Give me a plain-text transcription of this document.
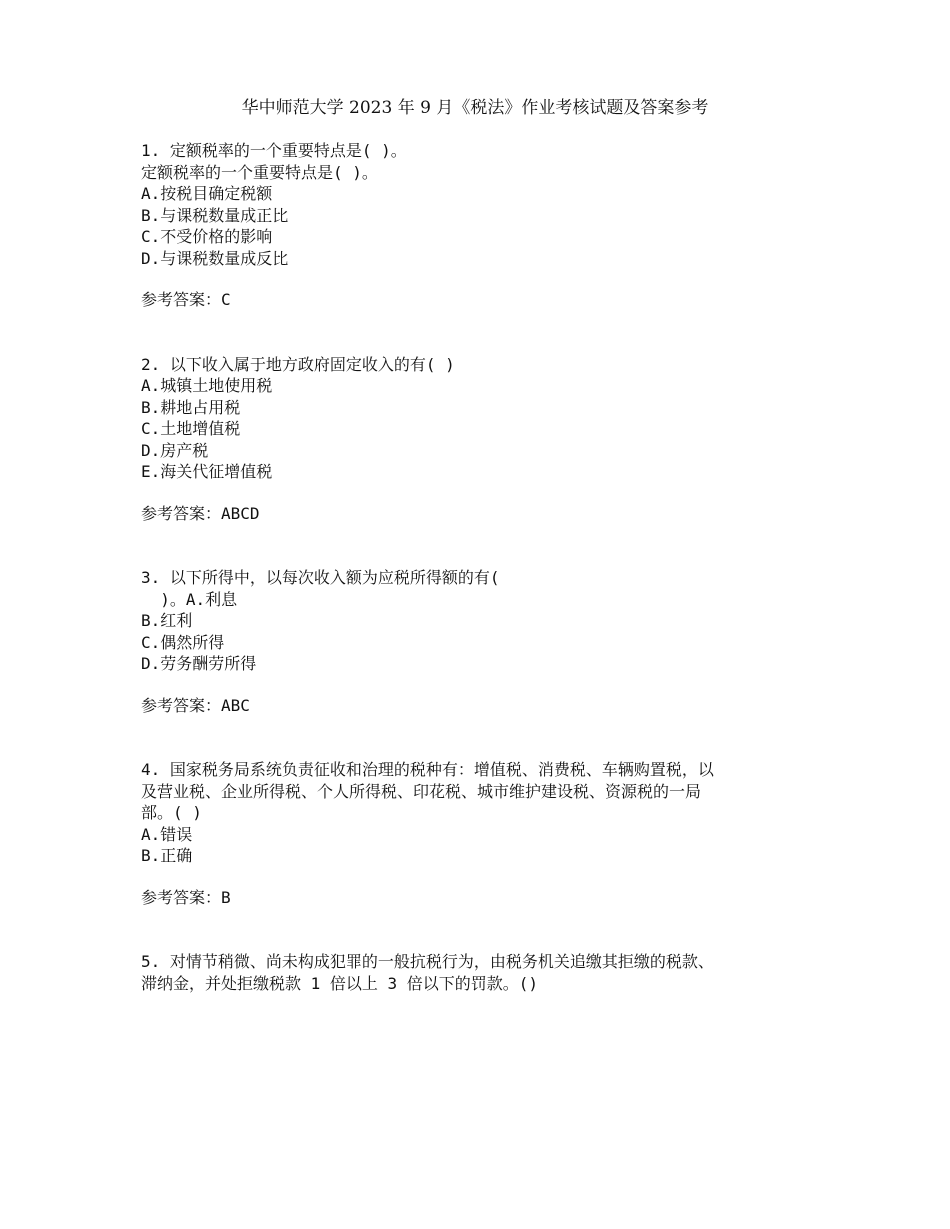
华中师范大学 2023 年 9 月《税法》作业考核试题及答案参考
1. 定额税率的一个重要特点是( )。
定额税率的一个重要特点是( )。
A.按税目确定税额
B.与课税数量成正比
C.不受价格的影响
D.与课税数量成反比
参考答案：C
2. 以下收入属于地方政府固定收入的有( )
A.城镇土地使用税
B.耕地占用税
C.土地增值税
D.房产税
E.海关代征增值税
参考答案：ABCD
3. 以下所得中，以每次收入额为应税所得额的有(
)。A.利息
B.红利
C.偶然所得
D.劳务酬劳所得
参考答案：ABC
4. 国家税务局系统负责征收和治理的税种有：增值税、消费税、车辆购置税，以
及营业税、企业所得税、个人所得税、印花税、城市维护建设税、资源税的一局
部。( )
A.错误
B.正确
参考答案：B
5. 对情节稍微、尚未构成犯罪的一般抗税行为，由税务机关追缴其拒缴的税款、
滞纳金，并处拒缴税款 1 倍以上 3 倍以下的罚款。()
